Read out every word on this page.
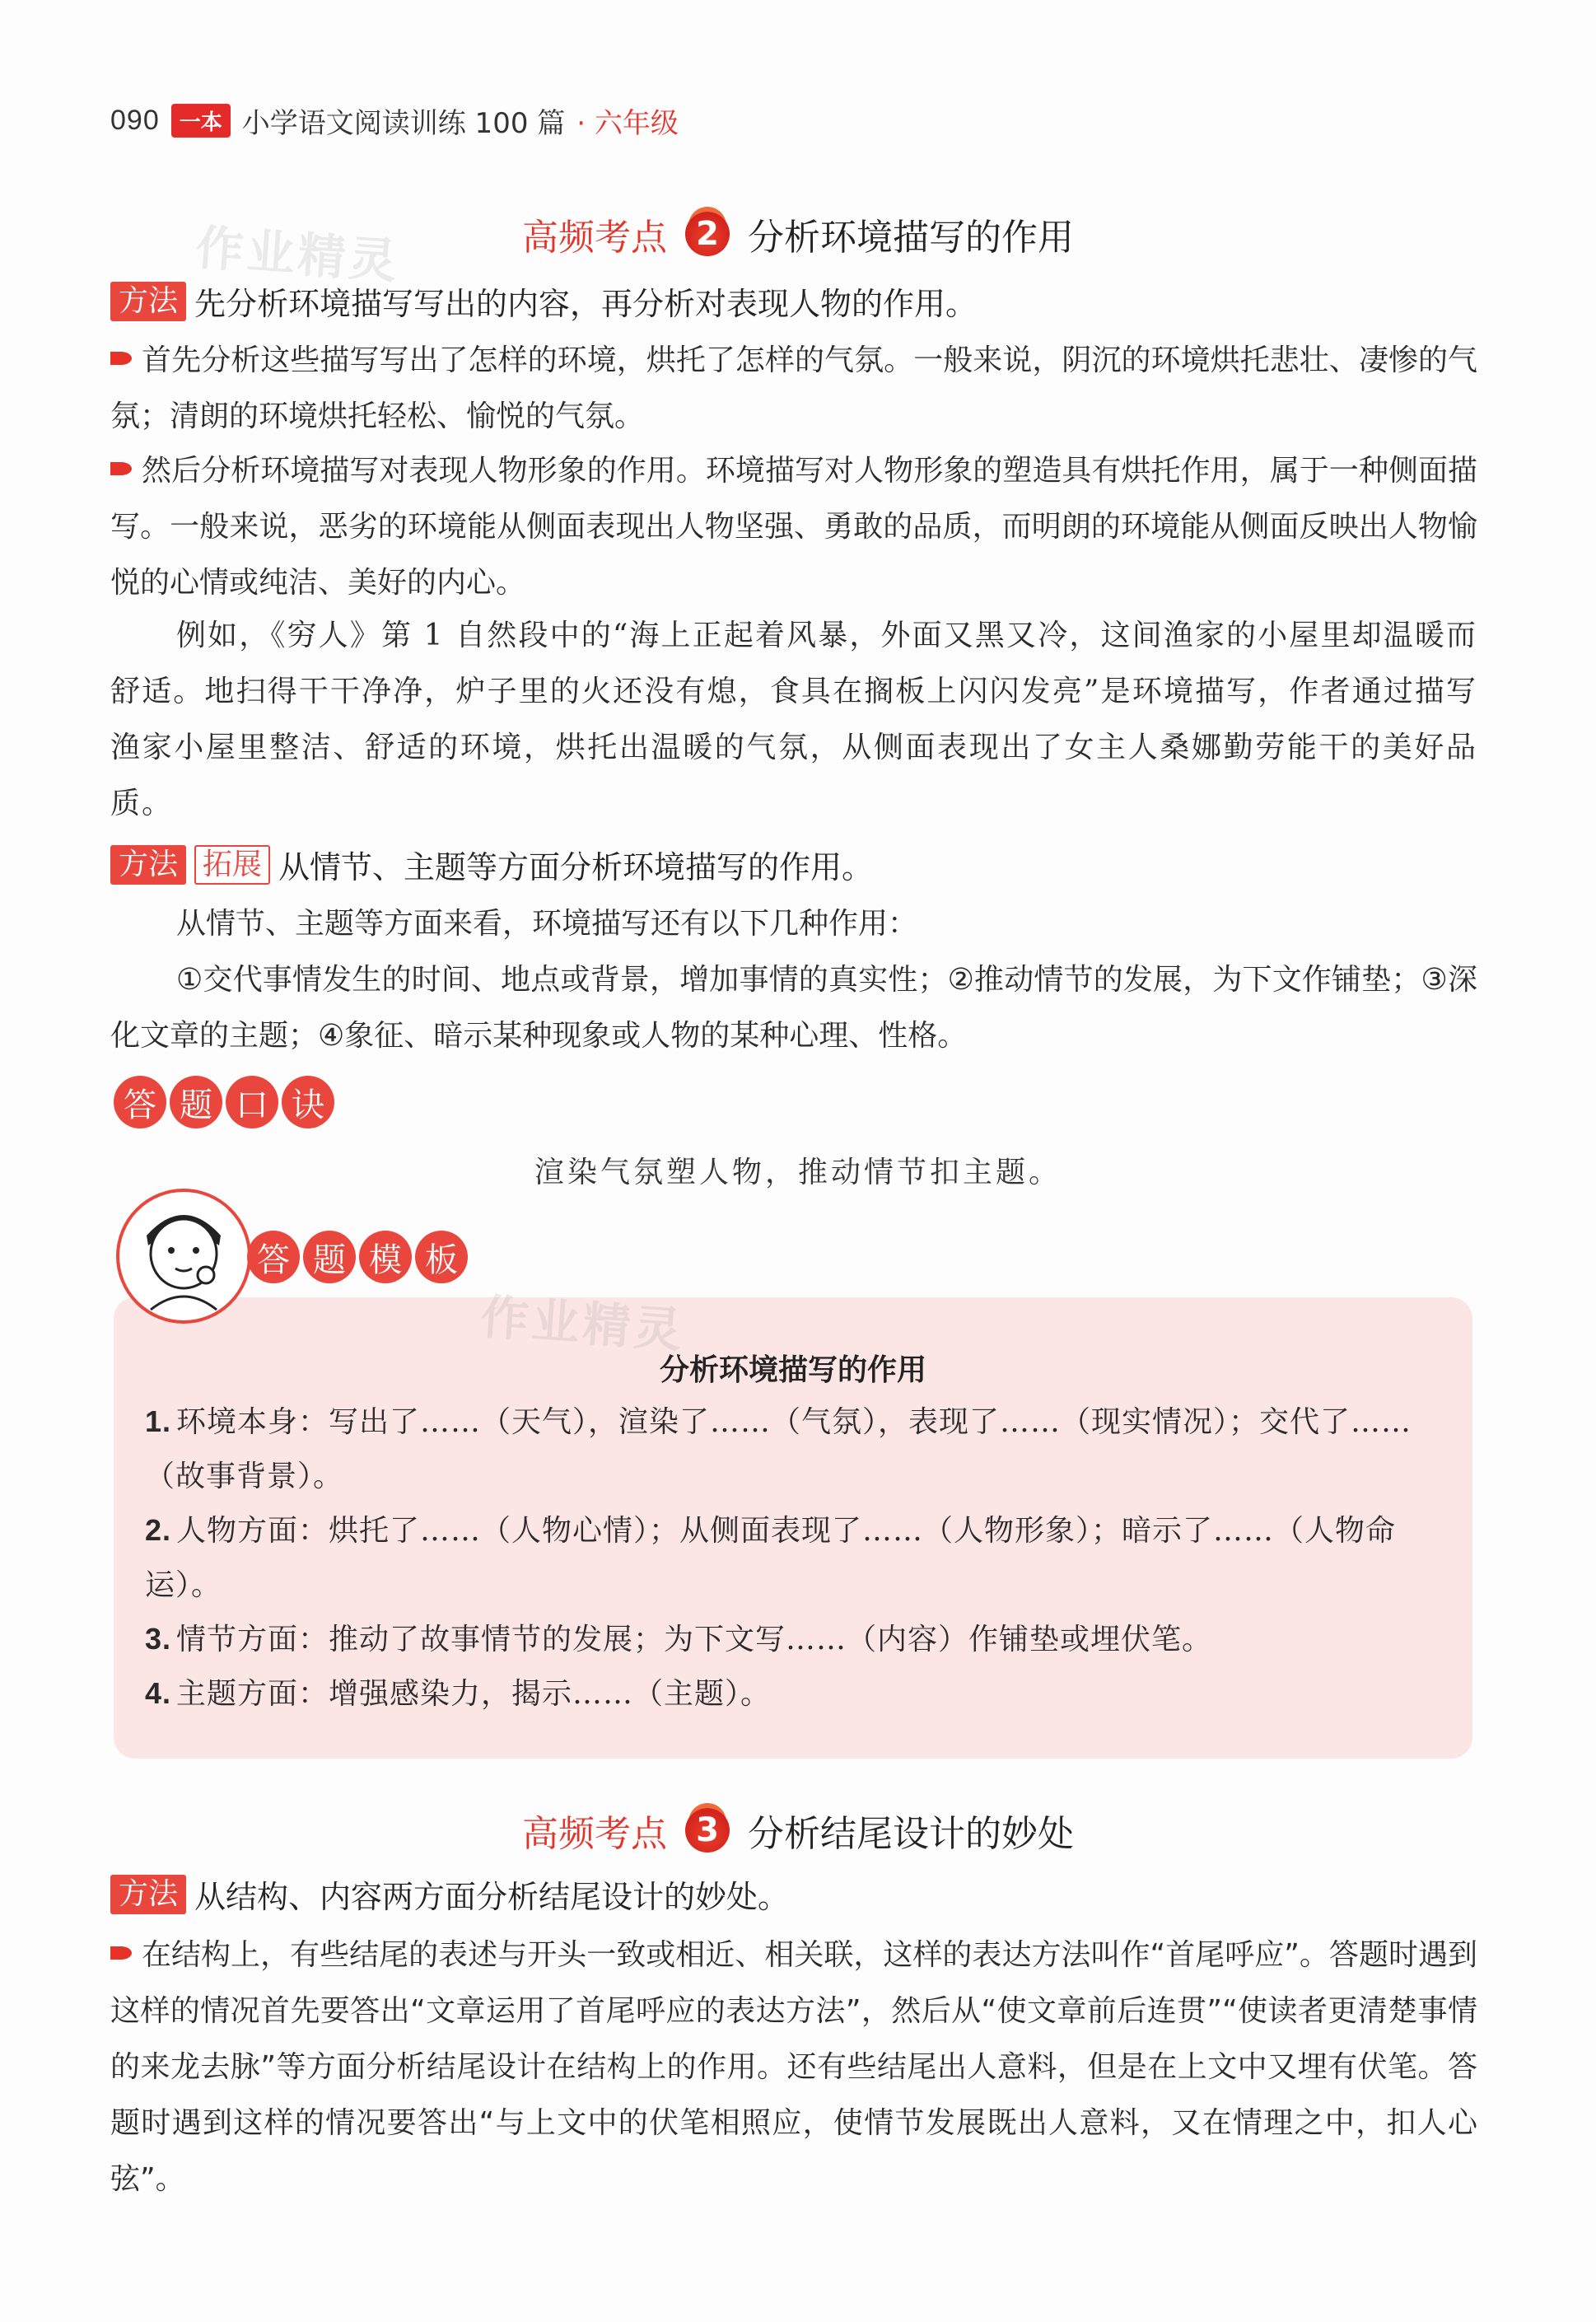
090 一本 小学语文阅读训练 100 篇 · 六年级
作业精灵	高频考点 2 分析环境描写的作用
方法 先分析环境描写写出的内容，再分析对表现人物的作用。
首先分析这些描写写出了怎样的环境，烘托了怎样的气氛。一般来说，阴沉的环境烘托悲壮、凄惨的气氛；清朗的环境烘托轻松、愉悦的气氛。
然后分析环境描写对表现人物形象的作用。环境描写对人物形象的塑造具有烘托作用，属于一种侧面描写。一般来说，恶劣的环境能从侧面表现出人物坚强、勇敢的品质，而明朗的环境能从侧面反映出人物愉悦的心情或纯洁、美好的内心。
例如，《穷人》第 1 自然段中的“海上正起着风暴，外面又黑又冷，这间渔家的小屋里却温暖而舒适。地扫得干干净净，炉子里的火还没有熄，食具在搁板上闪闪发亮”是环境描写，作者通过描写渔家小屋里整洁、舒适的环境，烘托出温暖的气氛，从侧面表现出了女主人桑娜勤劳能干的美好品质。
方法 拓展 从情节、主题等方面分析环境描写的作用。
从情节、主题等方面来看，环境描写还有以下几种作用：
①交代事情发生的时间、地点或背景，增加事情的真实性；②推动情节的发展，为下文作铺垫；③深化文章的主题；④象征、暗示某种现象或人物的某种心理、性格。
答 题 口 诀
渲染气氛塑人物，推动情节扣主题。
分析环境描写的作用
1. 环境本身：写出了……（天气），渲染了……（气氛），表现了……（现实情况）；交代了……（故事背景）。
2. 人物方面：烘托了……（人物心情）；从侧面表现了……（人物形象）；暗示了……（人物命运）。
3. 情节方面：推动了故事情节的发展；为下文写……（内容）作铺垫或埋伏笔。
4. 主题方面：增强感染力，揭示……（主题）。
答 题 模 板
作业精灵
高频考点 3 分析结尾设计的妙处
方法 从结构、内容两方面分析结尾设计的妙处。
在结构上，有些结尾的表述与开头一致或相近、相关联，这样的表达方法叫作“首尾呼应”。答题时遇到这样的情况首先要答出“文章运用了首尾呼应的表达方法”，然后从“使文章前后连贯”“使读者更清楚事情的来龙去脉”等方面分析结尾设计在结构上的作用。还有些结尾出人意料，但是在上文中又埋有伏笔。答题时遇到这样的情况要答出“与上文中的伏笔相照应，使情节发展既出人意料，又在情理之中，扣人心弦”。
